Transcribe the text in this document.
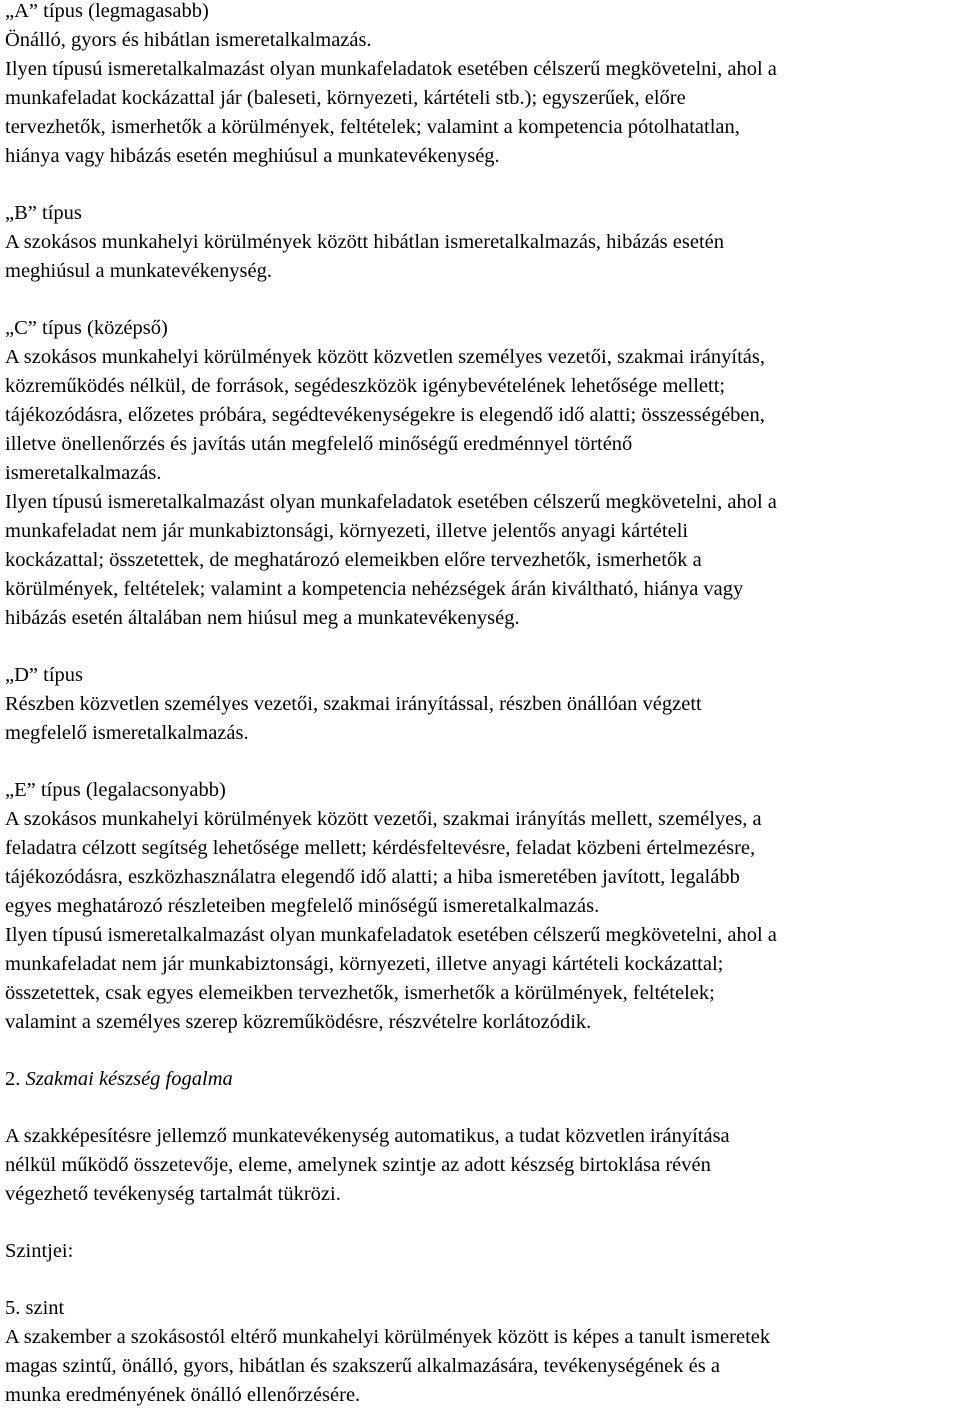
„A” típus (legmagasabb)
Önálló, gyors és hibátlan ismeretalkalmazás.
Ilyen típusú ismeretalkalmazást olyan munkafeladatok esetében célszerű megkövetelni, ahol a
munkafeladat kockázattal jár (baleseti, környezeti, kártételi stb.); egyszerűek, előre
tervezhetők, ismerhetők a körülmények, feltételek; valamint a kompetencia pótolhatatlan,
hiánya vagy hibázás esetén meghiúsul a munkatevékenység.
„B” típus
A szokásos munkahelyi körülmények között hibátlan ismeretalkalmazás, hibázás esetén
meghiúsul a munkatevékenység.
„C” típus (középső)
A szokásos munkahelyi körülmények között közvetlen személyes vezetői, szakmai irányítás,
közreműködés nélkül, de források, segédeszközök igénybevételének lehetősége mellett;
tájékozódásra, előzetes próbára, segédtevékenységekre is elegendő idő alatti; összességében,
illetve önellenőrzés és javítás után megfelelő minőségű eredménnyel történő
ismeretalkalmazás.
Ilyen típusú ismeretalkalmazást olyan munkafeladatok esetében célszerű megkövetelni, ahol a
munkafeladat nem jár munkabiztonsági, környezeti, illetve jelentős anyagi kártételi
kockázattal; összetettek, de meghatározó elemeikben előre tervezhetők, ismerhetők a
körülmények, feltételek; valamint a kompetencia nehézségek árán kiváltható, hiánya vagy
hibázás esetén általában nem hiúsul meg a munkatevékenység.
„D” típus
Részben közvetlen személyes vezetői, szakmai irányítással, részben önállóan végzett
megfelelő ismeretalkalmazás.
„E” típus (legalacsonyabb)
A szokásos munkahelyi körülmények között vezetői, szakmai irányítás mellett, személyes, a
feladatra célzott segítség lehetősége mellett; kérdésfeltevésre, feladat közbeni értelmezésre,
tájékozódásra, eszközhasználatra elegendő idő alatti; a hiba ismeretében javított, legalább
egyes meghatározó részleteiben megfelelő minőségű ismeretalkalmazás.
Ilyen típusú ismeretalkalmazást olyan munkafeladatok esetében célszerű megkövetelni, ahol a
munkafeladat nem jár munkabiztonsági, környezeti, illetve anyagi kártételi kockázattal;
összetettek, csak egyes elemeikben tervezhetők, ismerhetők a körülmények, feltételek;
valamint a személyes szerep közreműködésre, részvételre korlátozódik.
2. Szakmai készség fogalma
A szakképesítésre jellemző munkatevékenység automatikus, a tudat közvetlen irányítása
nélkül működő összetevője, eleme, amelynek szintje az adott készség birtoklása révén
végezhető tevékenység tartalmát tükrözi.
Szintjei:
5. szint
A szakember a szokásostól eltérő munkahelyi körülmények között is képes a tanult ismeretek
magas szintű, önálló, gyors, hibátlan és szakszerű alkalmazására, tevékenységének és a
munka eredményének önálló ellenőrzésére.
